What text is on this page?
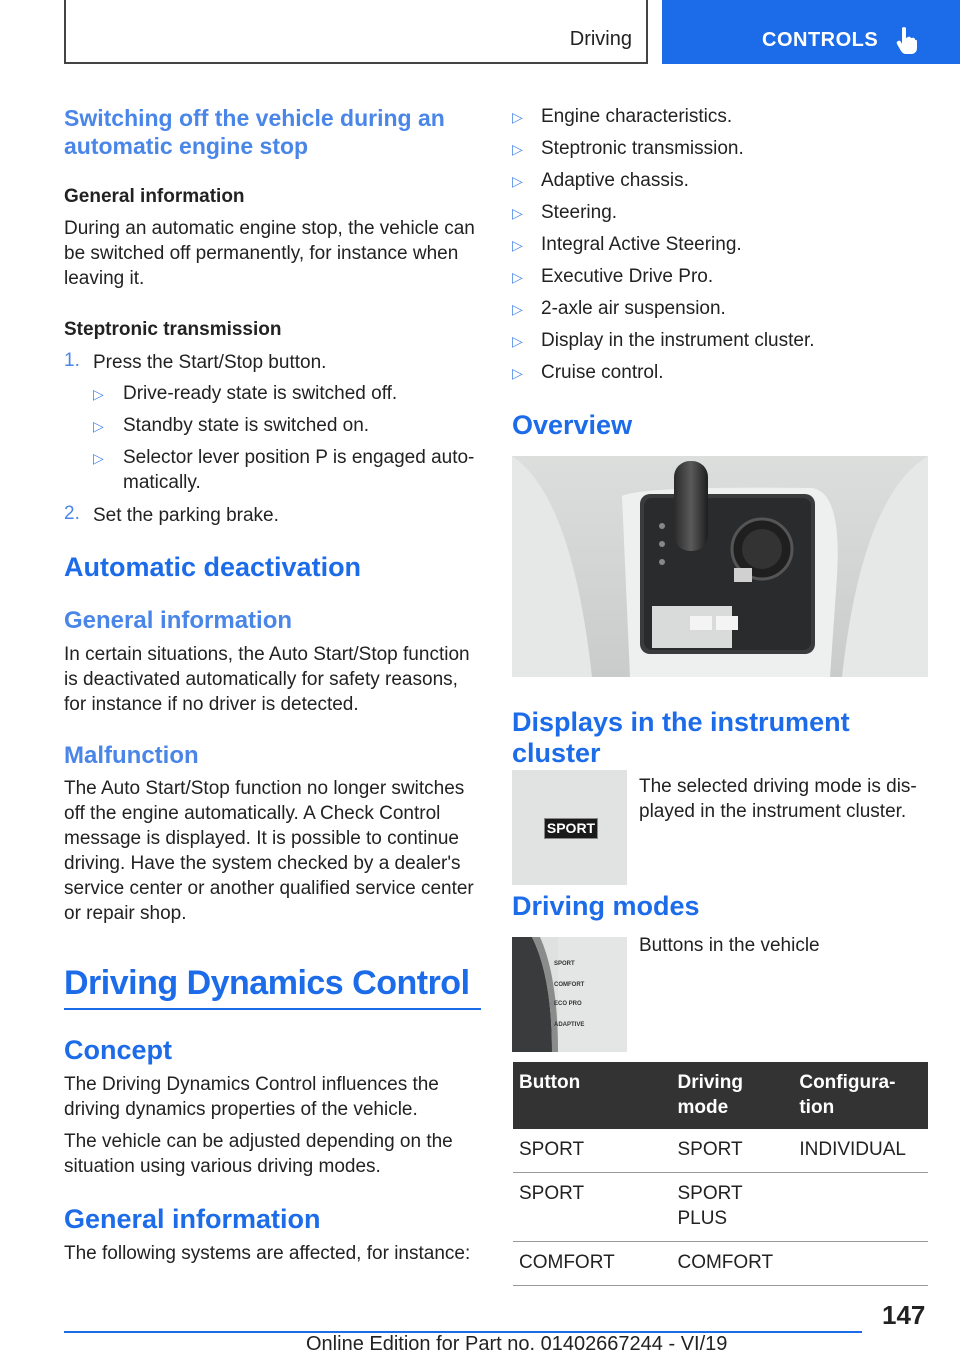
Driving	CONTROLS
Switching off the vehicle during an automatic engine stop
General information
During an automatic engine stop, the vehicle can be switched off permanently, for instance when leaving it.
Steptronic transmission
1. Press the Start/Stop button.
▷ Drive-ready state is switched off.
▷ Standby state is switched on.
▷ Selector lever position P is engaged auto-matically.
2. Set the parking brake.
Automatic deactivation
General information
In certain situations, the Auto Start/Stop function is deactivated automatically for safety reasons, for instance if no driver is detected.
Malfunction
The Auto Start/Stop function no longer switches off the engine automatically. A Check Control message is displayed. It is possible to continue driving. Have the system checked by a dealer's service center or another qualified service center or repair shop.
Driving Dynamics Control
Concept
The Driving Dynamics Control influences the driving dynamics properties of the vehicle.
The vehicle can be adjusted depending on the situation using various driving modes.
General information
The following systems are affected, for instance:
▷ Engine characteristics.
▷ Steptronic transmission.
▷ Adaptive chassis.
▷ Steering.
▷ Integral Active Steering.
▷ Executive Drive Pro.
▷ 2-axle air suspension.
▷ Display in the instrument cluster.
▷ Cruise control.
Overview
Displays in the instrument cluster
SPORT
The selected driving mode is dis-played in the instrument cluster.
Driving modes
SPORT
COMFORT
ECO PRO
ADAPTIVE
Buttons in the vehicle
Button	Driving mode	Configura-tion
SPORT	SPORT	INDIVIDUAL
SPORT	SPORT PLUS	
COMFORT	COMFORT	
147
Online Edition for Part no. 01402667244 - VI/19
